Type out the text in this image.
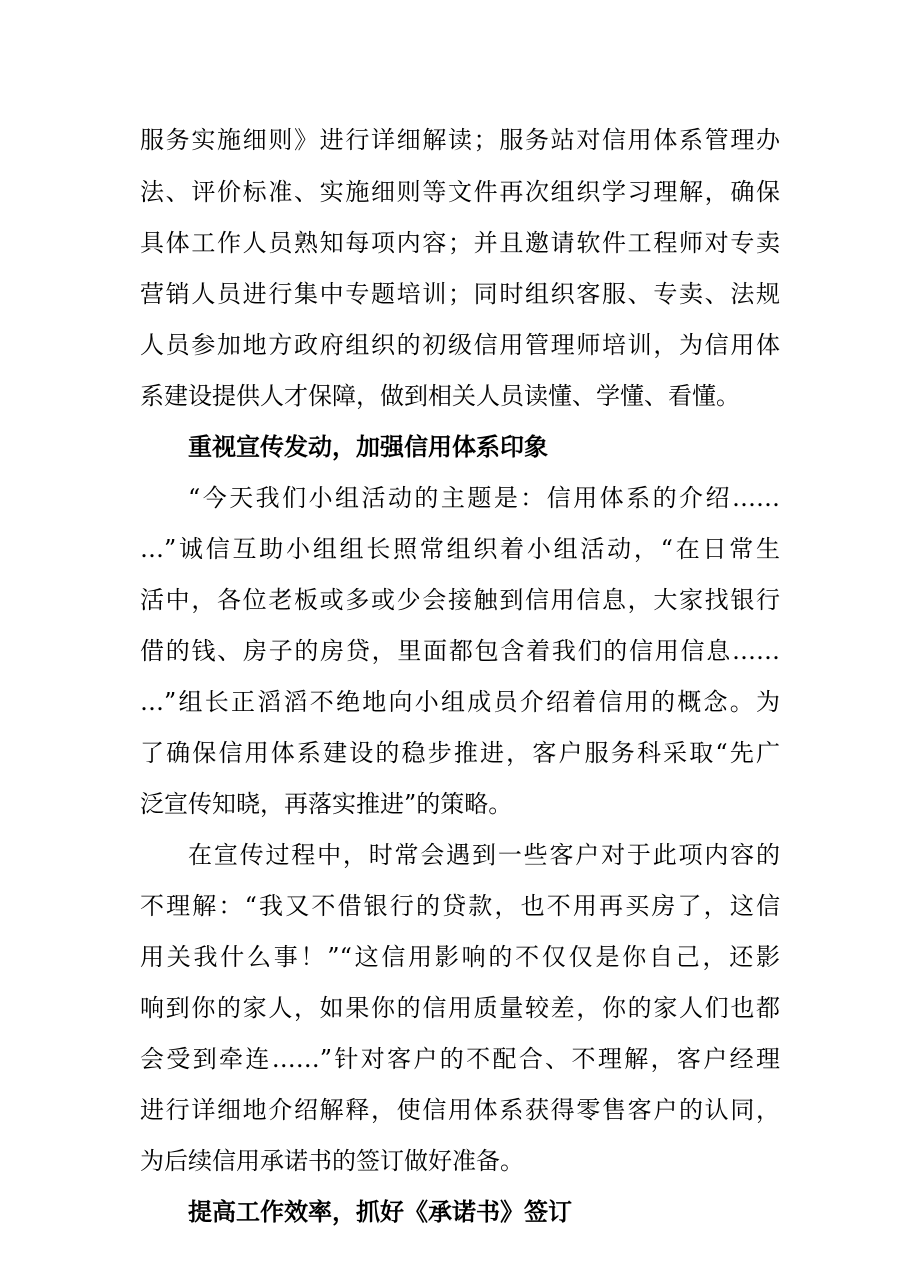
服务实施细则》进行详细解读；服务站对信用体系管理办
法、评价标准、实施细则等文件再次组织学习理解，确保
具体工作人员熟知每项内容；并且邀请软件工程师对专卖
营销人员进行集中专题培训；同时组织客服、专卖、法规
人员参加地方政府组织的初级信用管理师培训，为信用体
系建设提供人才保障，做到相关人员读懂、学懂、看懂。
重视宣传发动，加强信用体系印象
“今天我们小组活动的主题是：信用体系的介绍……
…”诚信互助小组组长照常组织着小组活动，“在日常生
活中，各位老板或多或少会接触到信用信息，大家找银行
借的钱、房子的房贷，里面都包含着我们的信用信息……
…”组长正滔滔不绝地向小组成员介绍着信用的概念。为
了确保信用体系建设的稳步推进，客户服务科采取“先广
泛宣传知晓，再落实推进”的策略。
在宣传过程中，时常会遇到一些客户对于此项内容的
不理解：“我又不借银行的贷款，也不用再买房了，这信
用关我什么事！”“这信用影响的不仅仅是你自己，还影
响到你的家人，如果你的信用质量较差，你的家人们也都
会受到牵连……”针对客户的不配合、不理解，客户经理
进行详细地介绍解释，使信用体系获得零售客户的认同，
为后续信用承诺书的签订做好准备。
提高工作效率，抓好《承诺书》签订
